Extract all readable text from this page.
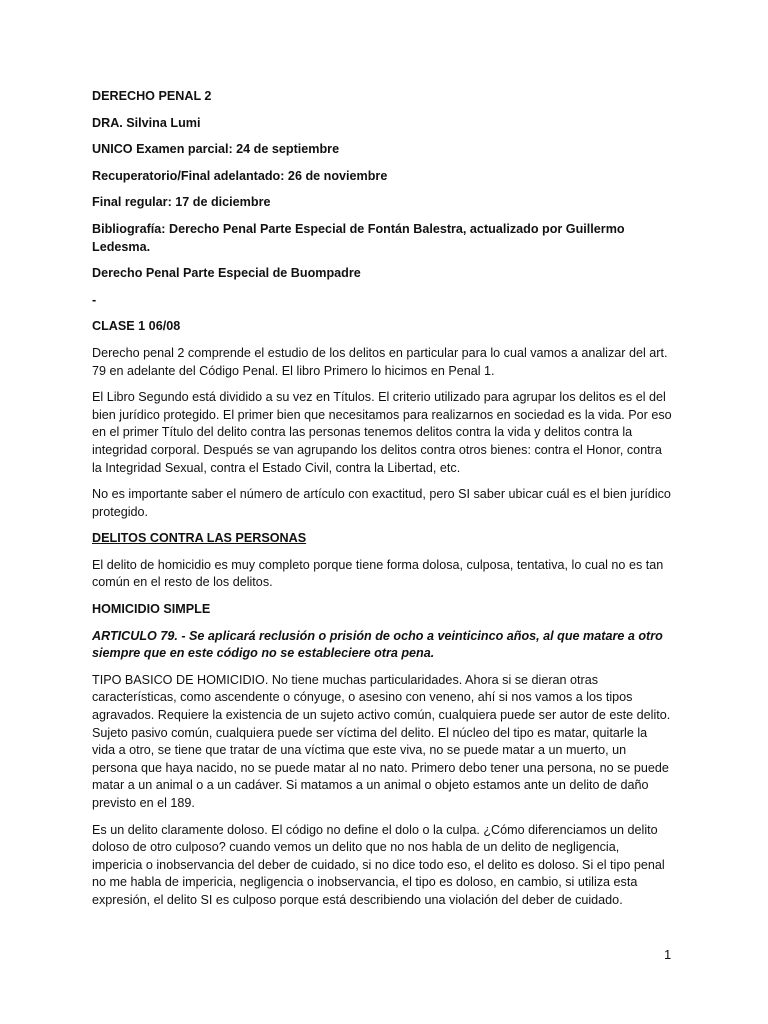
DERECHO PENAL 2

DRA. Silvina Lumi

UNICO Examen parcial: 24 de septiembre

Recuperatorio/Final adelantado: 26 de noviembre

Final regular: 17 de diciembre

Bibliografía: Derecho Penal Parte Especial de Fontán Balestra, actualizado por Guillermo Ledesma.

Derecho Penal Parte Especial de Buompadre

-

CLASE 1 06/08

Derecho penal 2 comprende el estudio de los delitos en particular para lo cual vamos a analizar del art. 79 en adelante del Código Penal. El libro Primero lo hicimos en Penal 1.

El Libro Segundo está dividido a su vez en Títulos. El criterio utilizado para agrupar los delitos es el del bien jurídico protegido. El primer bien que necesitamos para realizarnos en sociedad es la vida. Por eso en el primer Título del delito contra las personas tenemos delitos contra la vida y delitos contra la integridad corporal. Después se van agrupando los delitos contra otros bienes: contra el Honor, contra la Integridad Sexual, contra el Estado Civil, contra la Libertad, etc.

No es importante saber el número de artículo con exactitud, pero SI saber ubicar cuál es el bien jurídico protegido.

DELITOS CONTRA LAS PERSONAS

El delito de homicidio es muy completo porque tiene forma dolosa, culposa, tentativa, lo cual no es tan común en el resto de los delitos.

HOMICIDIO SIMPLE

ARTICULO 79. - Se aplicará reclusión o prisión de ocho a veinticinco años, al que matare a otro siempre que en este código no se estableciere otra pena.

TIPO BASICO DE HOMICIDIO. No tiene muchas particularidades. Ahora si se dieran otras características, como ascendente o cónyuge, o asesino con veneno, ahí si nos vamos a los tipos agravados. Requiere la existencia de un sujeto activo común, cualquiera puede ser autor de este delito. Sujeto pasivo común, cualquiera puede ser víctima del delito. El núcleo del tipo es matar, quitarle la vida a otro, se tiene que tratar de una víctima que este viva, no se puede matar a un muerto, un persona que haya nacido, no se puede matar al no nato. Primero debo tener una persona, no se puede matar a un animal o a un cadáver. Si matamos a un animal o objeto estamos ante un delito de daño previsto en el 189.

Es un delito claramente doloso. El código no define el dolo o la culpa. ¿Cómo diferenciamos un delito doloso de otro culposo? cuando vemos un delito que no nos habla de un delito de negligencia, impericia o inobservancia del deber de cuidado, si no dice todo eso, el delito es doloso. Si el tipo penal no me habla de impericia, negligencia o inobservancia, el tipo es doloso, en cambio, si utiliza esta expresión, el delito SI es culposo porque está describiendo una violación del deber de cuidado.

1
